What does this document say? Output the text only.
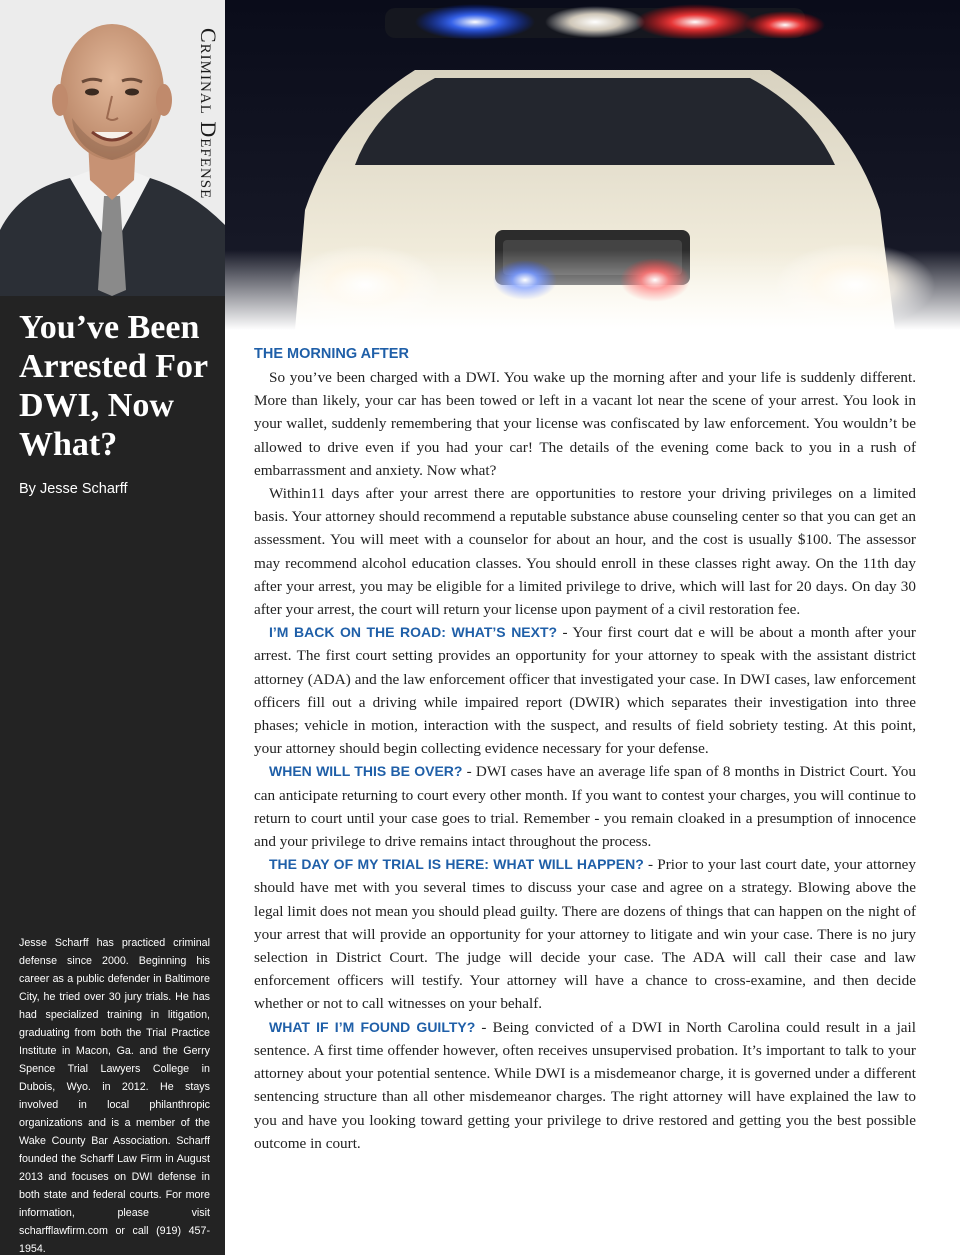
Criminal Defense
You’ve Been Arrested For DWI, Now What?
By Jesse Scharff
Jesse Scharff has practiced criminal defense since 2000. Beginning his career as a public defender in Baltimore City, he tried over 30 jury trials. He has had specialized training in litigation, graduating from both the Trial Practice Institute in Macon, Ga. and the Gerry Spence Trial Lawyers College in Dubois, Wyo. in 2012. He stays involved in local philanthropic organizations and is a member of the Wake County Bar Association. Scharff founded the Scharff Law Firm in August 2013 and focuses on DWI defense in both state and federal courts. For more information, please visit scharfflawfirm.com or call (919) 457-1954.
THE MORNING AFTER

So you’ve been charged with a DWI. You wake up the morning after and your life is suddenly different. More than likely, your car has been towed or left in a vacant lot near the scene of your arrest. You look in your wallet, suddenly remembering that your license was confiscated by law enforcement. You wouldn’t be allowed to drive even if you had your car! The details of the evening come back to you in a rush of embarrassment and anxiety. Now what?

Within11 days after your arrest there are opportunities to restore your driving privileges on a limited basis. Your attorney should recommend a reputable substance abuse counseling center so that you can get an assessment. You will meet with a counselor for about an hour, and the cost is usually $100. The assessor may recommend alcohol education classes. You should enroll in these classes right away. On the 11th day after your arrest, you may be eligible for a limited privilege to drive, which will last for 20 days. On day 30 after your arrest, the court will return your license upon payment of a civil restoration fee.

I’M BACK ON THE ROAD: WHAT’S NEXT? - Your first court dat e will be about a month after your arrest. The first court setting provides an opportunity for your attorney to speak with the assistant district attorney (ADA) and the law enforcement officer that investigated your case. In DWI cases, law enforcement officers fill out a driving while impaired report (DWIR) which separates their investigation into three phases; vehicle in motion, interaction with the suspect, and results of field sobriety testing. At this point, your attorney should begin collecting evidence necessary for your defense.

WHEN WILL THIS BE OVER? - DWI cases have an average life span of 8 months in District Court. You can anticipate returning to court every other month. If you want to contest your charges, you will continue to return to court until your case goes to trial. Remember - you remain cloaked in a presumption of innocence and your privilege to drive remains intact throughout the process.

THE DAY OF MY TRIAL IS HERE: WHAT WILL HAPPEN? - Prior to your last court date, your attorney should have met with you several times to discuss your case and agree on a strategy. Blowing above the legal limit does not mean you should plead guilty. There are dozens of things that can happen on the night of your arrest that will provide an opportunity for your attorney to litigate and win your case. There is no jury selection in District Court. The judge will decide your case. The ADA will call their case and law enforcement officers will testify. Your attorney will have a chance to cross-examine, and then decide whether or not to call witnesses on your behalf.

WHAT IF I’M FOUND GUILTY? - Being convicted of a DWI in North Carolina could result in a jail sentence. A first time offender however, often receives unsupervised probation. It’s important to talk to your attorney about your potential sentence. While DWI is a misdemeanor charge, it is governed under a different sentencing structure than all other misdemeanor charges. The right attorney will have explained the law to you and have you looking toward getting your privilege to drive restored and getting you the best possible outcome in court.
